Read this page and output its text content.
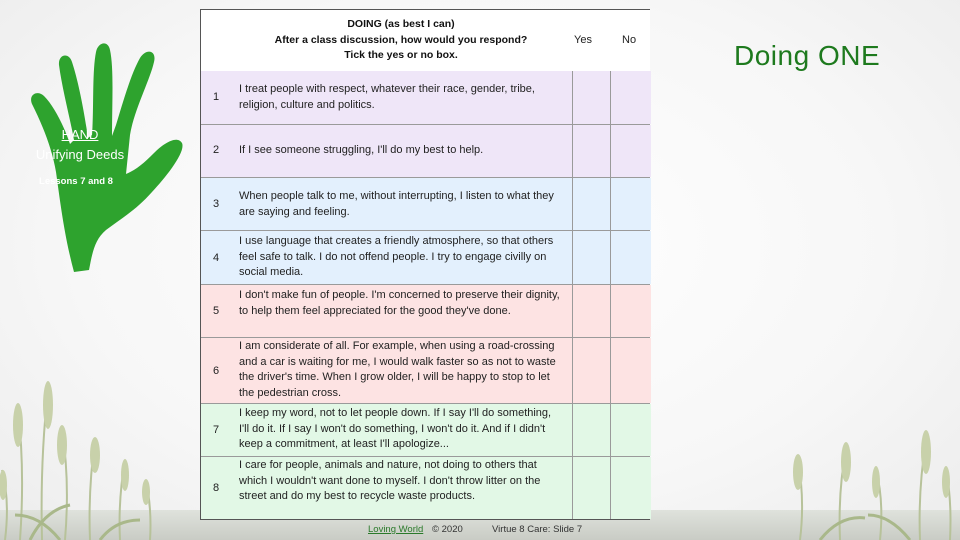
HAND
Unifying Deeds
Lessons 7 and 8
Doing ONE
DOING (as best I can)
After a class discussion, how would you respond?
Tick the yes or no box.
Yes	No
1
I treat people with respect, whatever their race, gender, tribe, religion, culture and politics.
2 If I see someone struggling, I'll do my best to help.
3
When people talk to me, without interrupting, I listen to what they are saying and feeling.
4
I use language that creates a friendly atmosphere, so that others feel safe to talk. I do not offend people. I try to engage civilly on social media.
5
I don't make fun of people. I'm concerned to preserve their dignity, to help them feel appreciated for the good they've done.
6
I am considerate of all. For example, when using a road-crossing and a car is waiting for me, I would walk faster so as not to waste the driver's time. When I grow older, I will be happy to stop to let the pedestrian cross.
7
I keep my word, not to let people down. If I say I'll do something, I'll do it. If I say I won't do something, I won't do it. And if I didn't keep a commitment, at least I'll apologize...
8
I care for people, animals and nature, not doing to others that which I wouldn't want done to myself. I don't throw litter on the street and do my best to recycle waste products.
Loving World © 2020	Virtue 8 Care: Slide 7
